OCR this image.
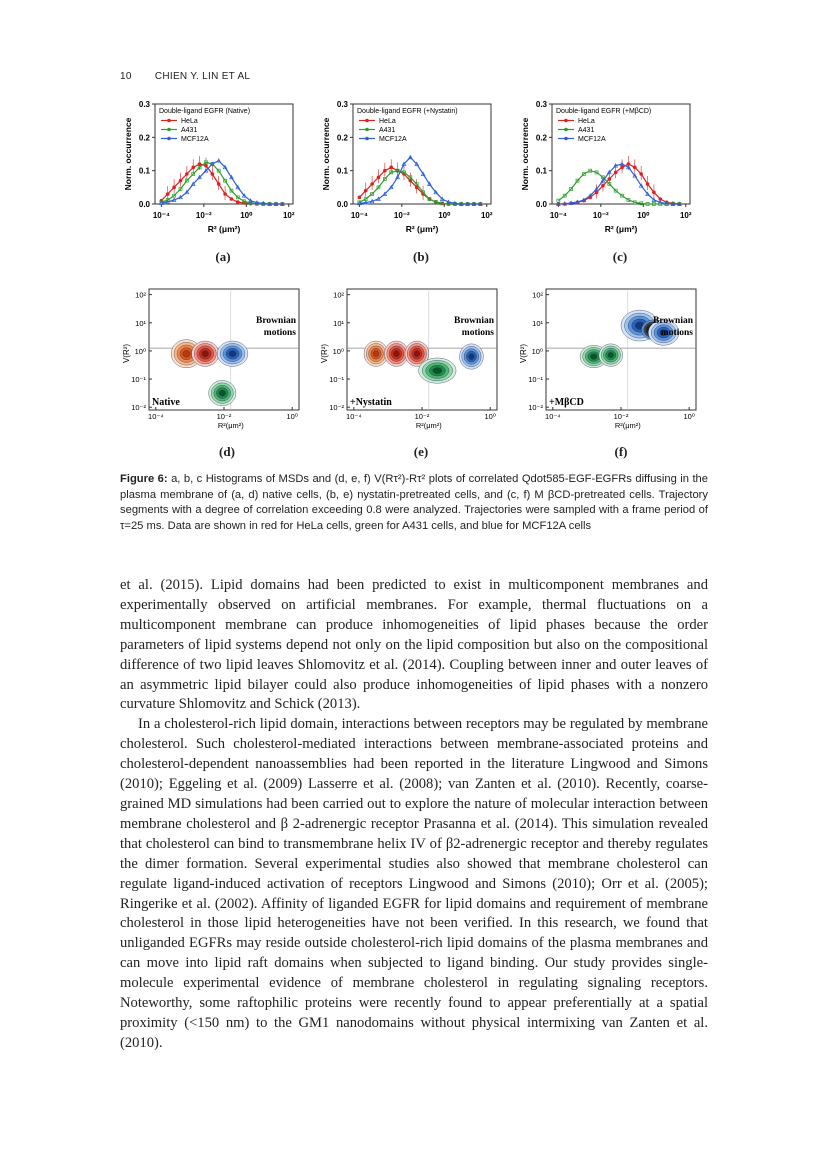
10 CHIEN Y. LIN ET AL
0.0
0.1
0.2
0.3
10⁻⁴	10⁻²	10⁰	10²
Norm. occurrence
R² (μm²)
Double-ligand EGFR (Native)
HeLa
A431
MCF12A
0.0
0.1
0.2
0.3
10⁻⁴	10⁻²	10⁰	10²
Norm. occurrence
R² (μm²)
Double-ligand EGFR (+Nystatin)
HeLa
A431
MCF12A
0.0
0.1
0.2
0.3
10⁻⁴	10⁻²	10⁰	10²
Norm. occurrence
R² (μm²)
Double-ligand EGFR (+MβCD)
HeLa
A431
MCF12A
(a)	(b)	(c)
10²
10¹
10⁰
10⁻¹
10⁻²
10⁻⁴	10⁻²	10⁰
V(R²)
R²(μm²)
Brownian
motions
Native
10²
10¹
10⁰
10⁻¹
10⁻²
10⁻⁴	10⁻²	10⁰
V(R²)
R²(μm²)
Brownian
motions
+Nystatin
10²
10¹
10⁰
10⁻¹
10⁻²
10⁻⁴	10⁻²	10⁰
V(R²)
R²(μm²)
Brownian
motions
+MβCD
(d)	(e)	(f)
Figure 6: a, b, c Histograms of MSDs and (d, e, f) V(Rτ²)-Rτ² plots of correlated Qdot585-EGF-EGFRs diffusing in the plasma membrane of (a, d) native cells, (b, e) nystatin-pretreated cells, and (c, f) M βCD-pretreated cells. Trajectory segments with a degree of correlation exceeding 0.8 were analyzed. Trajectories were sampled with a frame period of τ=25 ms. Data are shown in red for HeLa cells, green for A431 cells, and blue for MCF12A cells

et al. (2015). Lipid domains had been predicted to exist in multicomponent membranes and experimentally observed on artificial membranes. For example, thermal fluctuations on a multicomponent membrane can produce inhomogeneities of lipid phases because the order parameters of lipid systems depend not only on the lipid composition but also on the compositional difference of two lipid leaves Shlomovitz et al. (2014). Coupling between inner and outer leaves of an asymmetric lipid bilayer could also produce inhomogeneities of lipid phases with a nonzero curvature Shlomovitz and Schick (2013).

In a cholesterol-rich lipid domain, interactions between receptors may be regulated by membrane cholesterol. Such cholesterol-mediated interactions between membrane-associated proteins and cholesterol-dependent nanoassemblies had been reported in the literature Lingwood and Simons (2010); Eggeling et al. (2009) Lasserre et al. (2008); van Zanten et al. (2010). Recently, coarse-grained MD simulations had been carried out to explore the nature of molecular interaction between membrane cholesterol and β 2-adrenergic receptor Prasanna et al. (2014). This simulation revealed that cholesterol can bind to transmembrane helix IV of β2-adrenergic receptor and thereby regulates the dimer formation. Several experimental studies also showed that membrane cholesterol can regulate ligand-induced activation of receptors Lingwood and Simons (2010); Orr et al. (2005); Ringerike et al. (2002). Affinity of liganded EGFR for lipid domains and requirement of membrane cholesterol in those lipid heterogeneities have not been verified. In this research, we found that unliganded EGFRs may reside outside cholesterol-rich lipid domains of the plasma membranes and can move into lipid raft domains when subjected to ligand binding. Our study provides single-molecule experimental evidence of membrane cholesterol in regulating signaling receptors. Noteworthy, some raftophilic proteins were recently found to appear preferentially at a spatial proximity (<150 nm) to the GM1 nanodomains without physical intermixing van Zanten et al. (2010).
